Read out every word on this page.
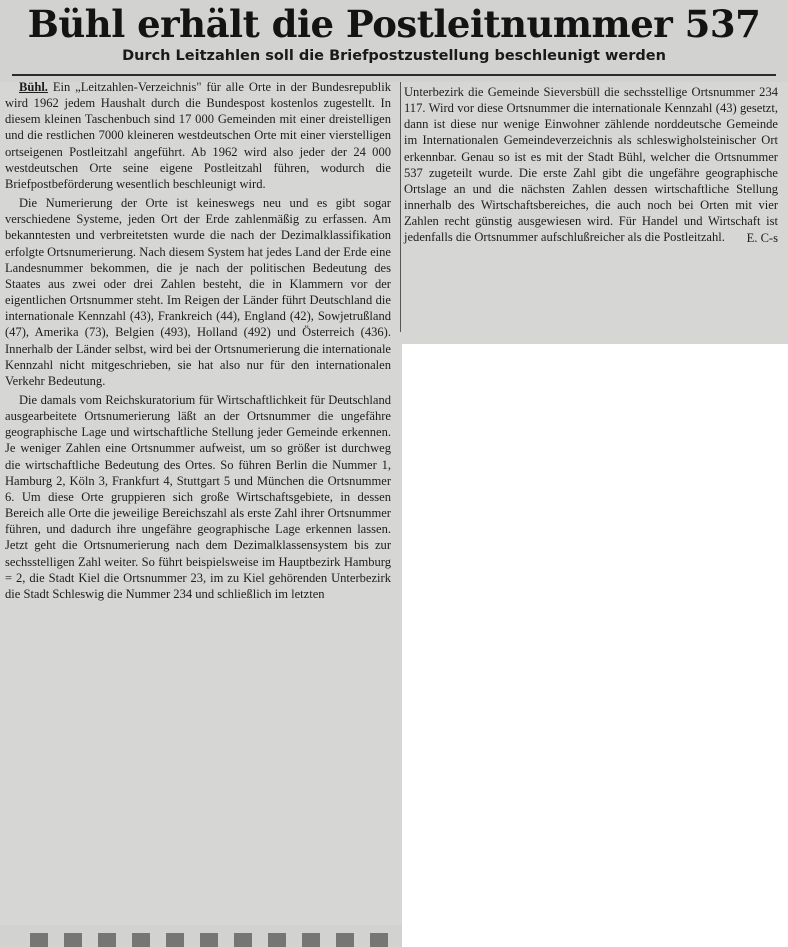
Bühl erhält die Postleitnummer 537
Durch Leitzahlen soll die Briefpostzustellung beschleunigt werden

Bühl. Ein „Leitzahlen-Verzeichnis" für alle Orte in der Bundesrepublik wird 1962 jedem Haushalt durch die Bundespost kostenlos zugestellt. In diesem kleinen Taschenbuch sind 17 000 Gemeinden mit einer dreistelligen und die restlichen 7000 kleineren westdeutschen Orte mit einer vierstelligen ortseigenen Postleitzahl angeführt. Ab 1962 wird also jeder der 24 000 westdeutschen Orte seine eigene Postleitzahl führen, wodurch die Briefpostbeförderung wesentlich beschleunigt wird.

Die Numerierung der Orte ist keineswegs neu und es gibt sogar verschiedene Systeme, jeden Ort der Erde zahlenmäßig zu erfassen. Am bekanntesten und verbreitetsten wurde die nach der Dezimalklassifikation erfolgte Ortsnumerierung. Nach diesem System hat jedes Land der Erde eine Landesnummer bekommen, die je nach der politischen Bedeutung des Staates aus zwei oder drei Zahlen besteht, die in Klammern vor der eigentlichen Ortsnummer steht. Im Reigen der Länder führt Deutschland die internationale Kennzahl (43), Frankreich (44), England (42), Sowjetrußland (47), Amerika (73), Belgien (493), Holland (492) und Österreich (436). Innerhalb der Länder selbst, wird bei der Ortsnumerierung die internationale Kennzahl nicht mitgeschrieben, sie hat also nur für den internationalen Verkehr Bedeutung.

Die damals vom Reichskuratorium für Wirtschaftlichkeit für Deutschland ausgearbeitete Ortsnumerierung läßt an der Ortsnummer die ungefähre geographische Lage und wirtschaftliche Stellung jeder Gemeinde erkennen. Je weniger Zahlen eine Ortsnummer aufweist, um so größer ist durchweg die wirtschaftliche Bedeutung des Ortes. So führen Berlin die Nummer 1, Hamburg 2, Köln 3, Frankfurt 4, Stuttgart 5 und München die Ortsnummer 6. Um diese Orte gruppieren sich große Wirtschaftsgebiete, in dessen Bereich alle Orte die jeweilige Bereichszahl als erste Zahl ihrer Ortsnummer führen, und dadurch ihre ungefähre geographische Lage erkennen lassen. Jetzt geht die Ortsnumerierung nach dem Dezimalklassensystem bis zur sechsstelligen Zahl weiter. So führt beispielsweise im Hauptbezirk Hamburg = 2, die Stadt Kiel die Ortsnummer 23, im zu Kiel gehörenden Unterbezirk die Stadt Schleswig die Nummer 234 und schließlich im letzten

Unterbezirk die Gemeinde Sieversbüll die sechsstellige Ortsnummer 234 117. Wird vor diese Ortsnummer die internationale Kennzahl (43) gesetzt, dann ist diese nur wenige Einwohner zählende norddeutsche Gemeinde im Internationalen Gemeindeverzeichnis als schleswigholsteinischer Ort erkennbar. Genau so ist es mit der Stadt Bühl, welcher die Ortsnummer 537 zugeteilt wurde. Die erste Zahl gibt die ungefähre geographische Ortslage an und die nächsten Zahlen dessen wirtschaftliche Stellung innerhalb des Wirtschaftsbereiches, die auch noch bei Orten mit vier Zahlen recht günstig ausgewiesen wird. Für Handel und Wirtschaft ist jedenfalls die Ortsnummer aufschlußreicher als die Postleitzahl.	E. C-s
